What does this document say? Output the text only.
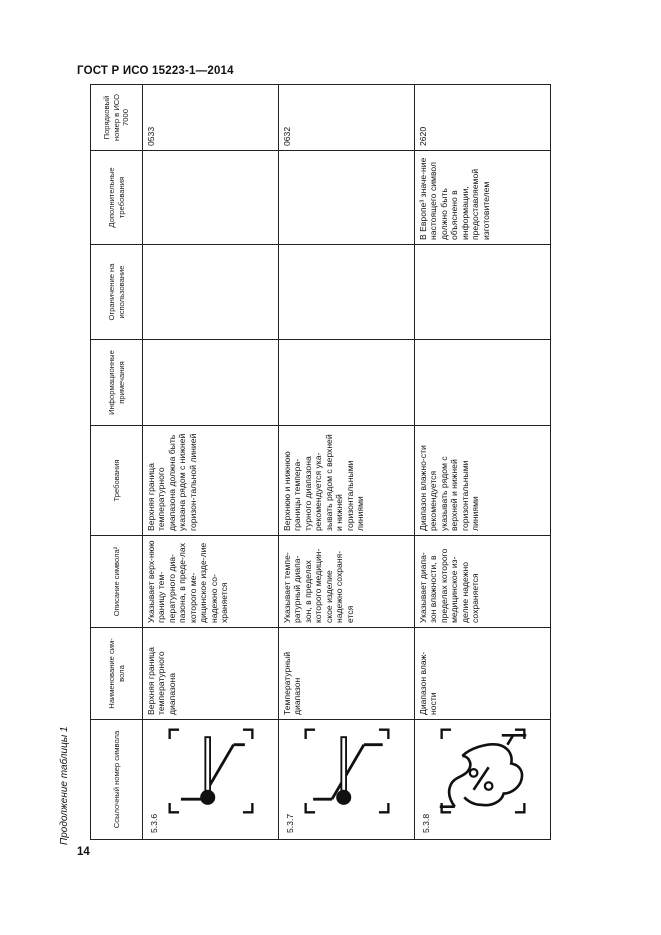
ГОСТ Р ИСО 15223-1—2014
Продолжение таблицы 1	Ссылочный номер символа	Наименование сим-вола	Описание символа²	Требования	Информационные примечания	Ограничение на использование	Дополнительные требования	Порядковый номер в ИСО 7000

5.3.6	Верхняя граница температурного диапазона	Указывает верх-нюю границу тем-пературного диа-пазона, в преде-лах которого ме-дицинское изде-лие надежно со-храняется	Верхняя граница температурного диапазона должна быть указана рядом с нижней горизон-тальной линией				0533

5.3.7	Температурный диапазон	Указывает темпе-ратурный диапа-зон, в пределах которого медицин-ское изделие надежно сохраня-ется	Верхнюю и нижнюю границы темпера-турного диапазона рекомендуется ука-зывать рядом с верхней и нижней горизонтальными линиями				0632

5.3.8	Диапазон влаж-ности	Указывает диапа-зон влажности, в пределах которого медицинское из-делие надежно сохраняется	Диапазон влажно-сти рекомендуется указывать рядом с верхней и нижней горизонтальными линиями			В Европе³ значе-ние настоящего символ должно быть объяснено в информации, предоставляемой изготовителем	2620
14
